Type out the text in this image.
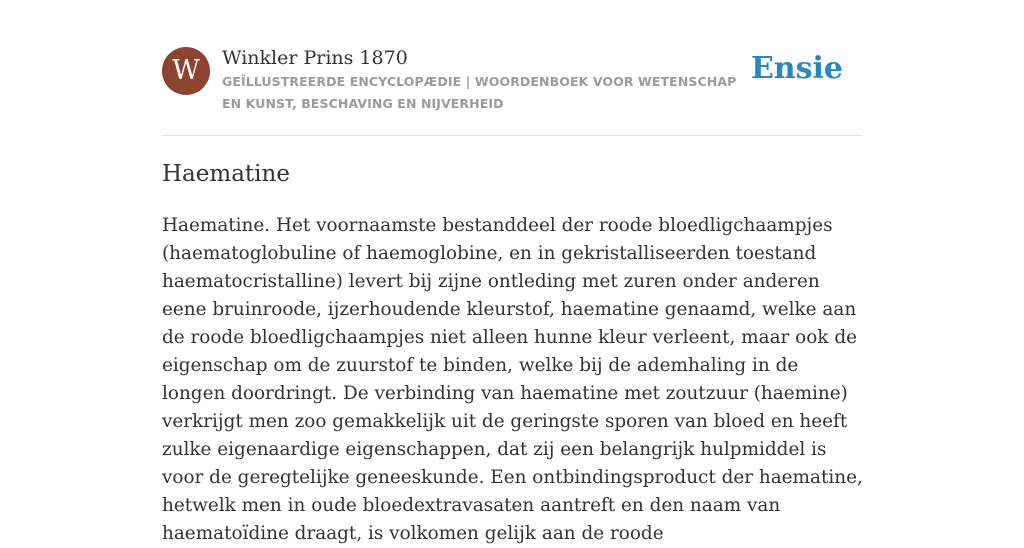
W	Winkler Prins 1870
GEÏLLUSTREERDE ENCYCLOPÆDIE | WOORDENBOEK VOOR WETENSCHAP EN KUNST, BESCHAVING EN NIJVERHEID
Ensie
Haematine

Haematine. Het voornaamste bestanddeel der roode bloedligchaampjes (haematoglobuline of haemoglobine, en in gekristalliseerden toestand haematocristalline) levert bij zijne ontleding met zuren onder anderen eene bruinroode, ijzerhoudende kleurstof, haematine genaamd, welke aan de roode bloedligchaampjes niet alleen hunne kleur verleent, maar ook de eigenschap om de zuurstof te binden, welke bij de ademhaling in de longen doordringt. De verbinding van haematine met zoutzuur (haemine) verkrijgt men zoo gemakkelijk uit de geringste sporen van bloed en heeft zulke eigenaardige eigenschappen, dat zij een belangrijk hulpmiddel is voor de geregtelijke geneeskunde. Een ontbindingsproduct der haematine, hetwelk men in oude bloedextravasaten aantreft en den naam van haematoïdine draagt, is volkomen gelijk aan de roode
